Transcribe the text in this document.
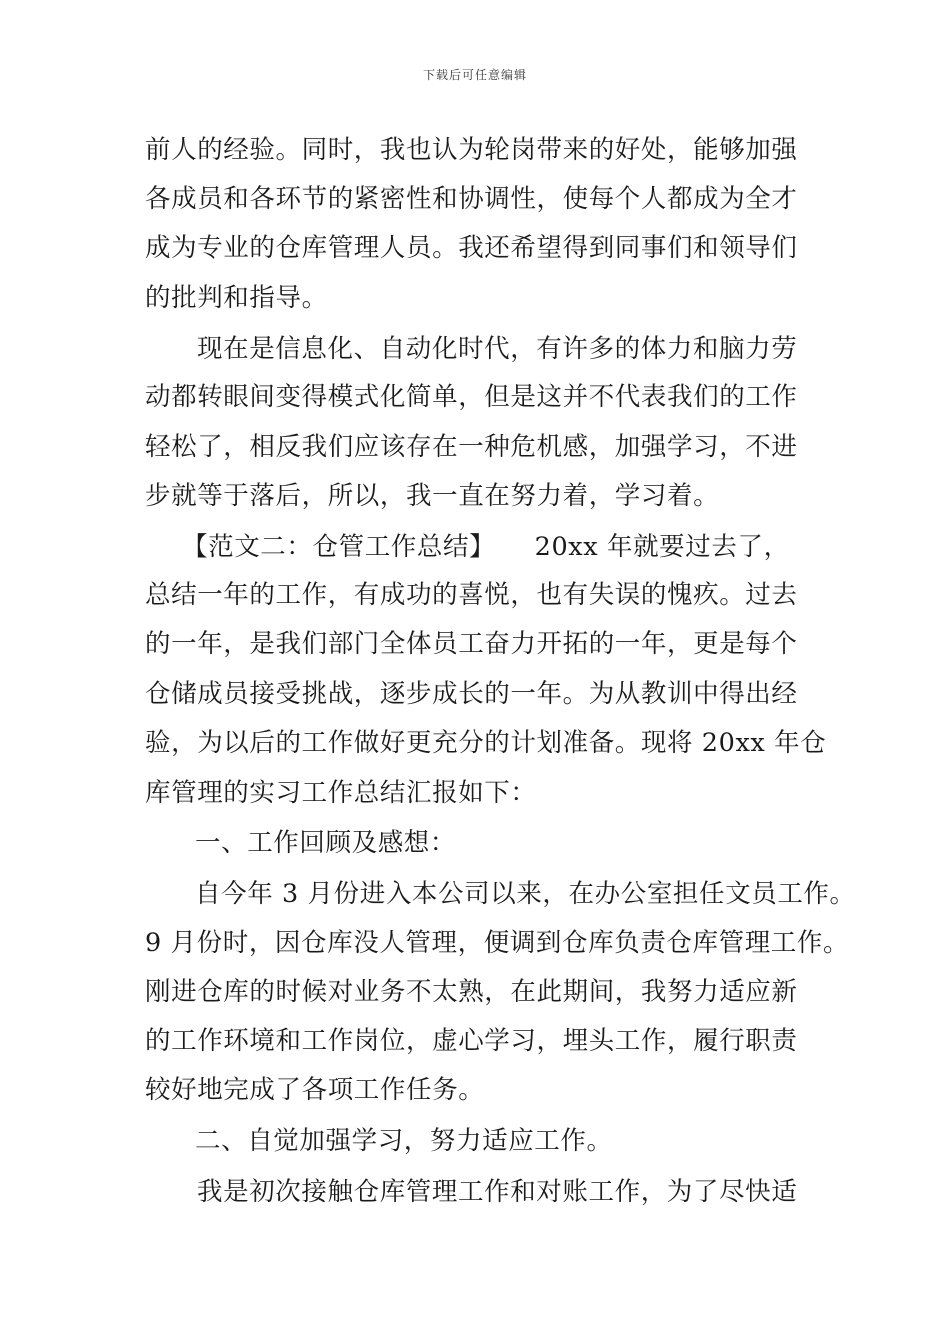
下载后可任意编辑
前人的经验。同时，我也认为轮岗带来的好处，能够加强
各成员和各环节的紧密性和协调性，使每个人都成为全才
成为专业的仓库管理人员。我还希望得到同事们和领导们
的批判和指导。
现在是信息化、自动化时代，有许多的体力和脑力劳
动都转眼间变得模式化简单，但是这并不代表我们的工作
轻松了，相反我们应该存在一种危机感，加强学习，不进
步就等于落后，所以，我一直在努力着，学习着。
【范文二：仓管工作总结】　　20xx 年就要过去了，
总结一年的工作，有成功的喜悦，也有失误的愧疚。过去
的一年，是我们部门全体员工奋力开拓的一年，更是每个
仓储成员接受挑战，逐步成长的一年。为从教训中得出经
验，为以后的工作做好更充分的计划准备。现将 20xx 年仓
库管理的实习工作总结汇报如下：
一、工作回顾及感想：
自今年 3 月份进入本公司以来，在办公室担任文员工作。
9 月份时，因仓库没人管理，便调到仓库负责仓库管理工作。
刚进仓库的时候对业务不太熟，在此期间，我努力适应新
的工作环境和工作岗位，虚心学习，埋头工作，履行职责
较好地完成了各项工作任务。
二、自觉加强学习，努力适应工作。
我是初次接触仓库管理工作和对账工作，为了尽快适
